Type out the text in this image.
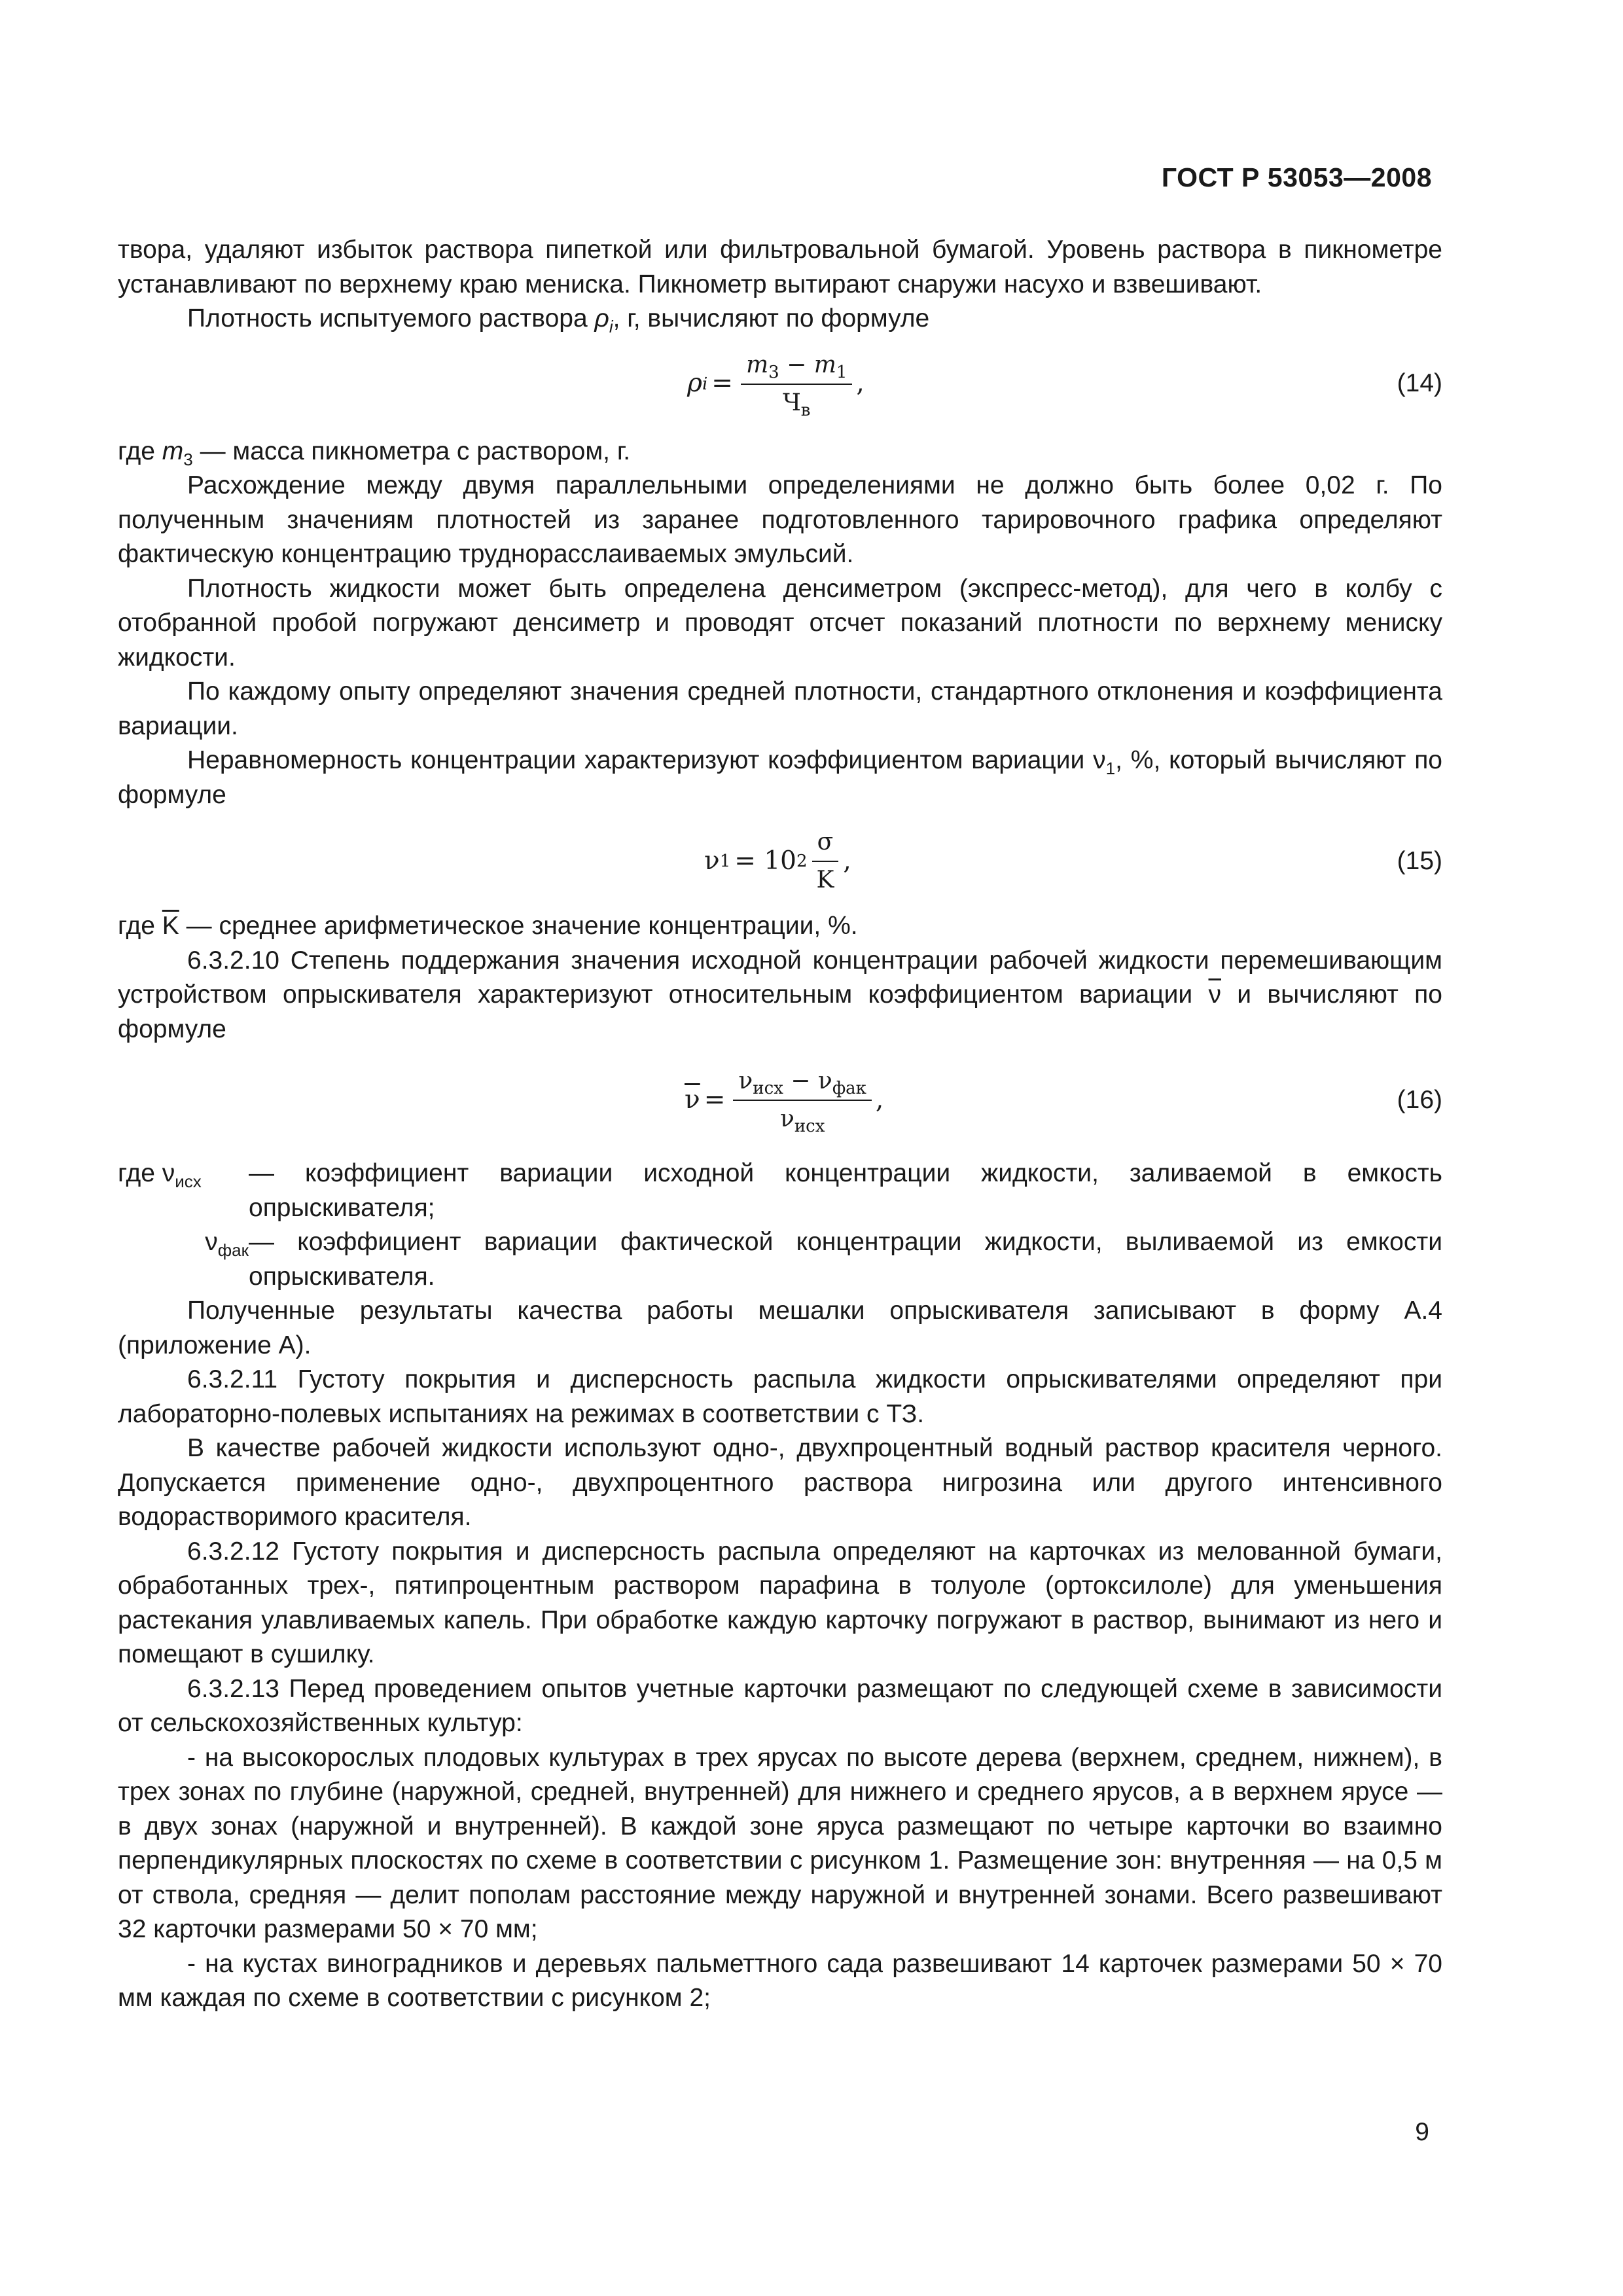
ГОСТ Р 53053—2008

твора, удаляют избыток раствора пипеткой или фильтровальной бумагой. Уровень раствора в пикнометре устанавливают по верхнему краю мениска. Пикнометр вытирают снаружи насухо и взвешивают.

Плотность испытуемого раствора $\rho_i$, г, вычисляют по формуле

ρ $i = \frac{m_3 - m_1}{Ч_в}$ ,	(14)

где $m_3$ — масса пикнометра с раствором, г.

Расхождение между двумя параллельными определениями не должно быть более 0,02 г. По полученным значениям плотностей из заранее подготовленного тарировочного графика определяют фактическую концентрацию труднорасслаиваемых эмульсий.

Плотность жидкости может быть определена денсиметром (экспресс-метод), для чего в колбу с отобранной пробой погружают денсиметр и проводят отсчет показаний плотности по верхнему мениску жидкости.

По каждому опыту определяют значения средней плотности, стандартного отклонения и коэффициента вариации.

Неравномерность концентрации характеризуют коэффициентом вариации $\nu_1$, %, который вычисляют по формуле

ν 1 = 10 $2 \frac{\sigma}{K}$ ,	(15)

где $\overline{K}$ — среднее арифметическое значение концентрации, %.

6.3.2.10 Степень поддержания значения исходной концентрации рабочей жидкости перемешивающим устройством опрыскивателя характеризуют относительным коэффициентом вариации $\overline{\nu}$ и вычисляют по формуле

$\overline{\nu} = \frac{\nu_{исх} - \nu_{фак}}{\nu_{исх}}$ ,	(16)
где $\nu_{исх}$	— коэффициент вариации исходной концентрации жидкости, заливаемой в емкость опрыскивателя;
$\nu_{фак}$ — коэффициент вариации фактической концентрации жидкости, выливаемой из емкости опрыскивателя.

Полученные результаты качества работы мешалки опрыскивателя записывают в форму А.4 (приложение А).

6.3.2.11 Густоту покрытия и дисперсность распыла жидкости опрыскивателями определяют при лабораторно-полевых испытаниях на режимах в соответствии с ТЗ.

В качестве рабочей жидкости используют одно-, двухпроцентный водный раствор красителя черного. Допускается применение одно-, двухпроцентного раствора нигрозина или другого интенсивного водорастворимого красителя.

6.3.2.12 Густоту покрытия и дисперсность распыла определяют на карточках из мелованной бумаги, обработанных трех-, пятипроцентным раствором парафина в толуоле (ортоксилоле) для уменьшения растекания улавливаемых капель. При обработке каждую карточку погружают в раствор, вынимают из него и помещают в сушилку.

6.3.2.13 Перед проведением опытов учетные карточки размещают по следующей схеме в зависимости от сельскохозяйственных культур:

- на высокорослых плодовых культурах в трех ярусах по высоте дерева (верхнем, среднем, нижнем), в трех зонах по глубине (наружной, средней, внутренней) для нижнего и среднего ярусов, а в верхнем ярусе — в двух зонах (наружной и внутренней). В каждой зоне яруса размещают по четыре карточки во взаимно перпендикулярных плоскостях по схеме в соответствии с рисунком 1. Размещение зон: внутренняя — на 0,5 м от ствола, средняя — делит пополам расстояние между наружной и внутренней зонами. Всего развешивают 32 карточки размерами 50 × 70 мм;

- на кустах виноградников и деревьях пальметтного сада развешивают 14 карточек размерами 50 × 70 мм каждая по схеме в соответствии с рисунком 2;

9
